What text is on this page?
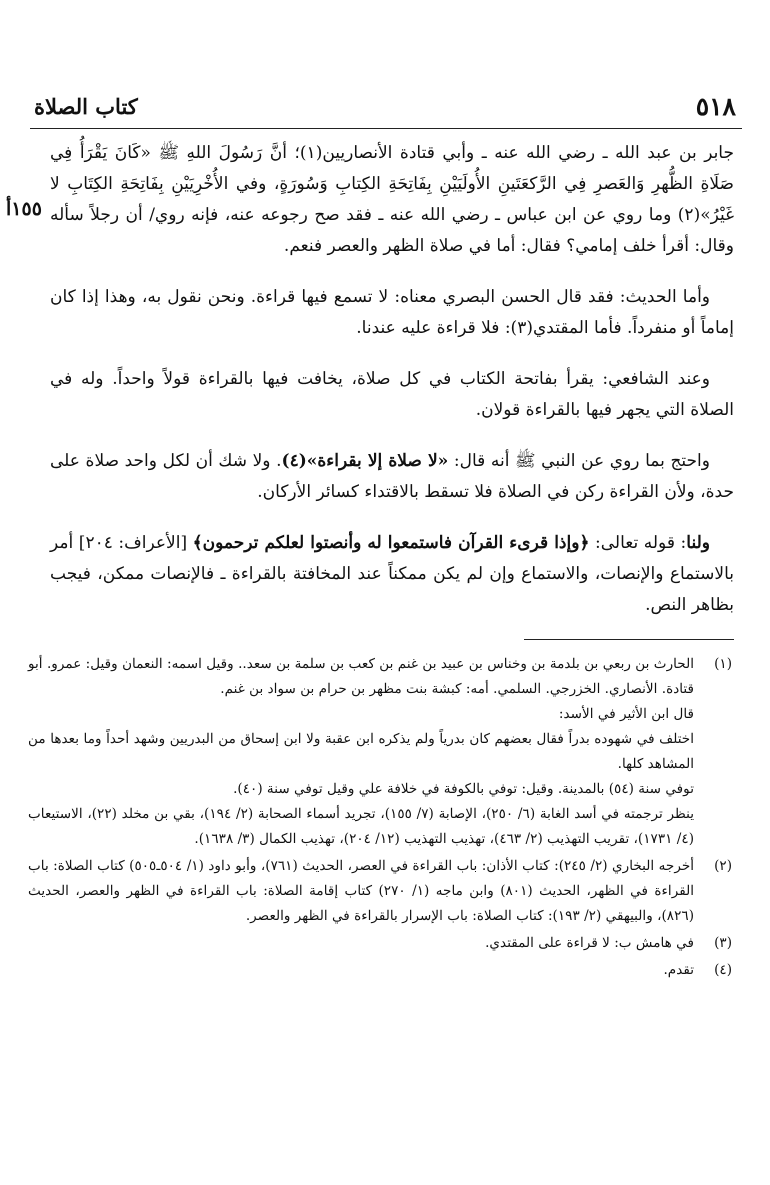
٥١٨
كتاب الصلاة
١٥٥أ

جابر بن عبد الله ـ رضي الله عنه ـ وأبي قتادة الأنصاريين(١)؛ أنَّ رَسُولَ اللهِ ﷺ «كَانَ يَقْرَأُ فِي صَلَاةِ الظُّهرِ وَالعَصرِ فِي الرَّكعَتَينِ الأُولَيَيْنِ بِفَاتِحَةِ الكِتابِ وَسُورَةٍ، وفي الأُخْرِيَيْنِ بِفَاتِحَةِ الكِتَابِ لا غَيْرُ»(٢) وما روي عن ابن عباس ـ رضي الله عنه ـ فقد صح رجوعه عنه، فإنه روي/ أن رجلاً سأله وقال: أقرأ خلف إمامي؟ فقال: أما في صلاة الظهر والعصر فنعم.

وأما الحديث: فقد قال الحسن البصري معناه: لا تسمع فيها قراءة. ونحن نقول به، وهذا إذا كان إماماً أو منفرداً. فأما المقتدي(٣): فلا قراءة عليه عندنا.

وعند الشافعي: يقرأ بفاتحة الكتاب في كل صلاة، يخافت فيها بالقراءة قولاً واحداً. وله في الصلاة التي يجهر فيها بالقراءة قولان.

واحتج بما روي عن النبي ﷺ أنه قال: «لا صلاة إلا بقراءة»(٤). ولا شك أن لكل واحد صلاة على حدة، ولأن القراءة ركن في الصلاة فلا تسقط بالاقتداء كسائر الأركان.

ولنا: قوله تعالى: ﴿وإذا قرىء القرآن فاستمعوا له وأنصتوا لعلكم ترحمون﴾ [الأعراف: ٢٠٤] أمر بالاستماع والإنصات، والاستماع وإن لم يكن ممكناً عند المخافتة بالقراءة ـ فالإنصات ممكن، فيجب بظاهر النص.

(١)
الحارث بن ربعي بن بلدمة بن وخناس بن عبيد بن غنم بن كعب بن سلمة بن سعد.. وقيل اسمه: النعمان وقيل: عمرو. أبو قتادة. الأنصاري. الخزرجي. السلمي. أمه: كبشة بنت مظهر بن حرام بن سواد بن غنم.
قال ابن الأثير في الأسد:
اختلف في شهوده بدراً فقال بعضهم كان بدرياً ولم يذكره ابن عقبة ولا ابن إسحاق من البدريين وشهد أحداً وما بعدها من المشاهد كلها.
توفي سنة (٥٤) بالمدينة. وقيل: توفي بالكوفة في خلافة علي وقيل توفي سنة (٤٠).
ينظر ترجمته في أسد الغابة (٦/ ٢٥٠)، الإصابة (٧/ ١٥٥)، تجريد أسماء الصحابة (٢/ ١٩٤)، بقي بن مخلد (٢٢)، الاستيعاب (٤/ ١٧٣١)، تقريب التهذيب (٢/ ٤٦٣)، تهذيب التهذيب (١٢/ ٢٠٤)، تهذيب الكمال (٣/ ١٦٣٨).
(٢)
أخرجه البخاري (٢/ ٢٤٥): كتاب الأذان: باب القراءة في العصر، الحديث (٧٦١)، وأبو داود (١/ ٥٠٤ـ٥٠٥) كتاب الصلاة: باب القراءة في الظهر، الحديث (٨٠١) وابن ماجه (١/ ٢٧٠) كتاب إقامة الصلاة: باب القراءة في الظهر والعصر، الحديث (٨٢٦)، والبيهقي (٢/ ١٩٣): كتاب الصلاة: باب الإسرار بالقراءة في الظهر والعصر.
(٣)
في هامش ب: لا قراءة على المقتدي.
(٤)
تقدم.
